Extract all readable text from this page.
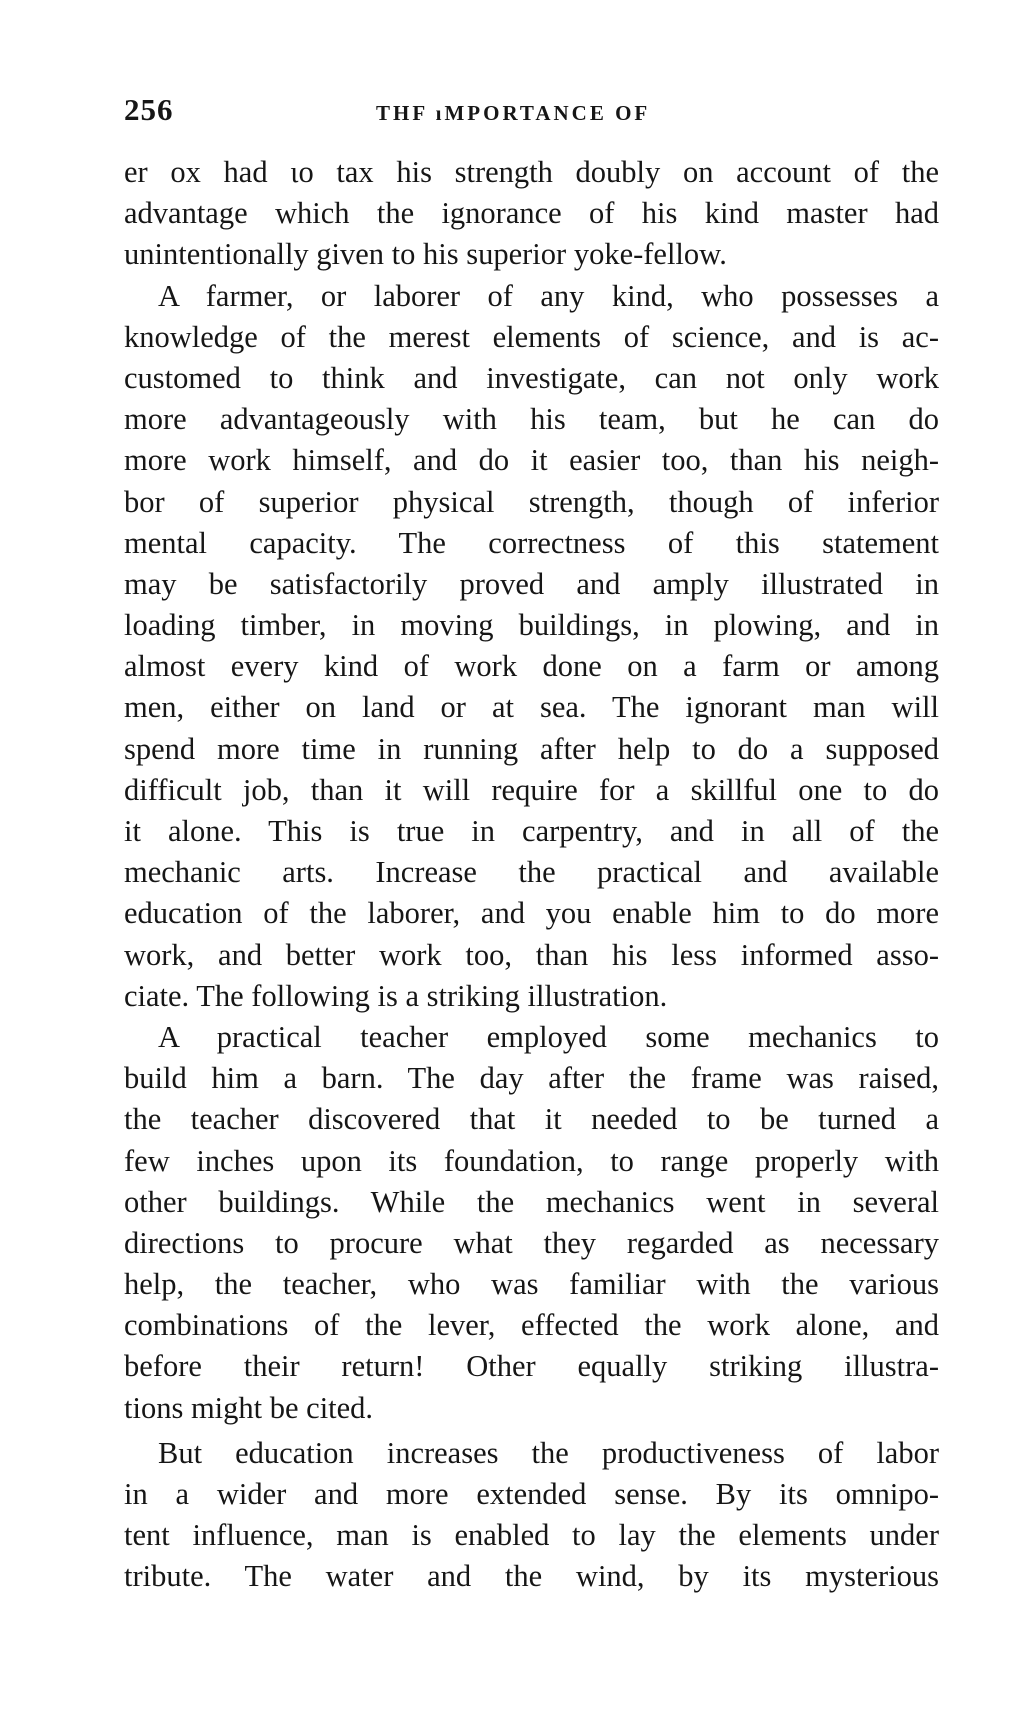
256	THF ıMPORTANCE OF
er ox had ιo tax his strength doubly on account of the
advantage which the ignorance of his kind master had
unintentionally given to his superior yoke-fellow.
A farmer, or laborer of any kind, who possesses a
knowledge of the merest elements of science, and is ac-
customed to think and investigate, can not only work
more advantageously with his team, but he can do
more work himself, and do it easier too, than his neigh-
bor of superior physical strength, though of inferior
mental capacity. The correctness of this statement
may be satisfactorily proved and amply illustrated in
loading timber, in moving buildings, in plowing, and in
almost every kind of work done on a farm or among
men, either on land or at sea. The ignorant man will
spend more time in running after help to do a supposed
difficult job, than it will require for a skillful one to do
it alone. This is true in carpentry, and in all of the
mechanic arts. Increase the practical and available
education of the laborer, and you enable him to do more
work, and better work too, than his less informed asso-
ciate. The following is a striking illustration.
A practical teacher employed some mechanics to
build him a barn. The day after the frame was raised,
the teacher discovered that it needed to be turned a
few inches upon its foundation, to range properly with
other buildings. While the mechanics went in several
directions to procure what they regarded as necessary
help, the teacher, who was familiar with the various
combinations of the lever, effected the work alone, and
before their return! Other equally striking illustra-
tions might be cited.
But education increases the productiveness of labor
in a wider and more extended sense. By its omnipo-
tent influence, man is enabled to lay the elements under
tribute. The water and the wind, by its mysterious
